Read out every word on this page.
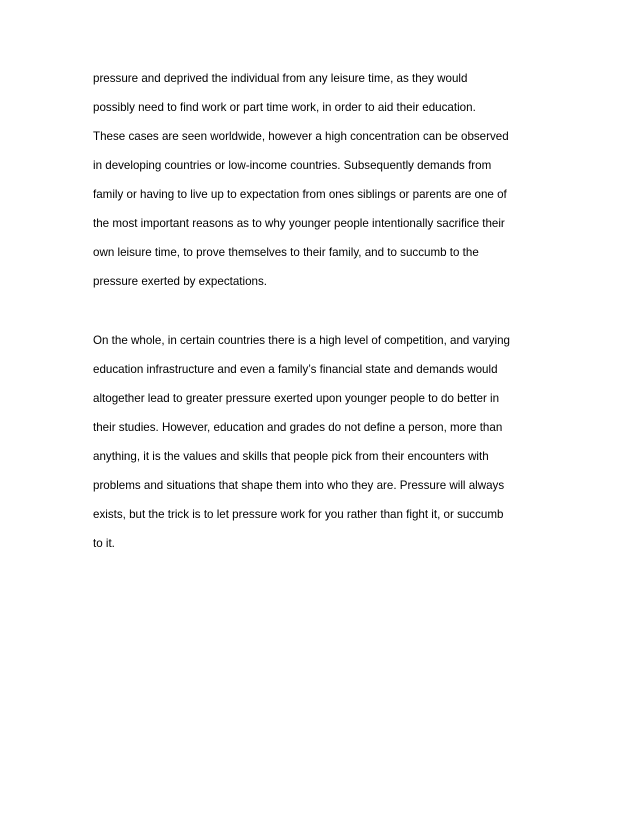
pressure and deprived the individual from any leisure time, as they would
possibly need to find work or part time work, in order to aid their education.
These cases are seen worldwide, however a high concentration can be observed
in developing countries or low-income countries. Subsequently demands from
family or having to live up to expectation from ones siblings or parents are one of
the most important reasons as to why younger people intentionally sacrifice their
own leisure time, to prove themselves to their family, and to succumb to the
pressure exerted by expectations.
On the whole, in certain countries there is a high level of competition, and varying
education infrastructure and even a family’s financial state and demands would
altogether lead to greater pressure exerted upon younger people to do better in
their studies. However, education and grades do not define a person, more than
anything, it is the values and skills that people pick from their encounters with
problems and situations that shape them into who they are. Pressure will always
exists, but the trick is to let pressure work for you rather than fight it, or succumb
to it.
